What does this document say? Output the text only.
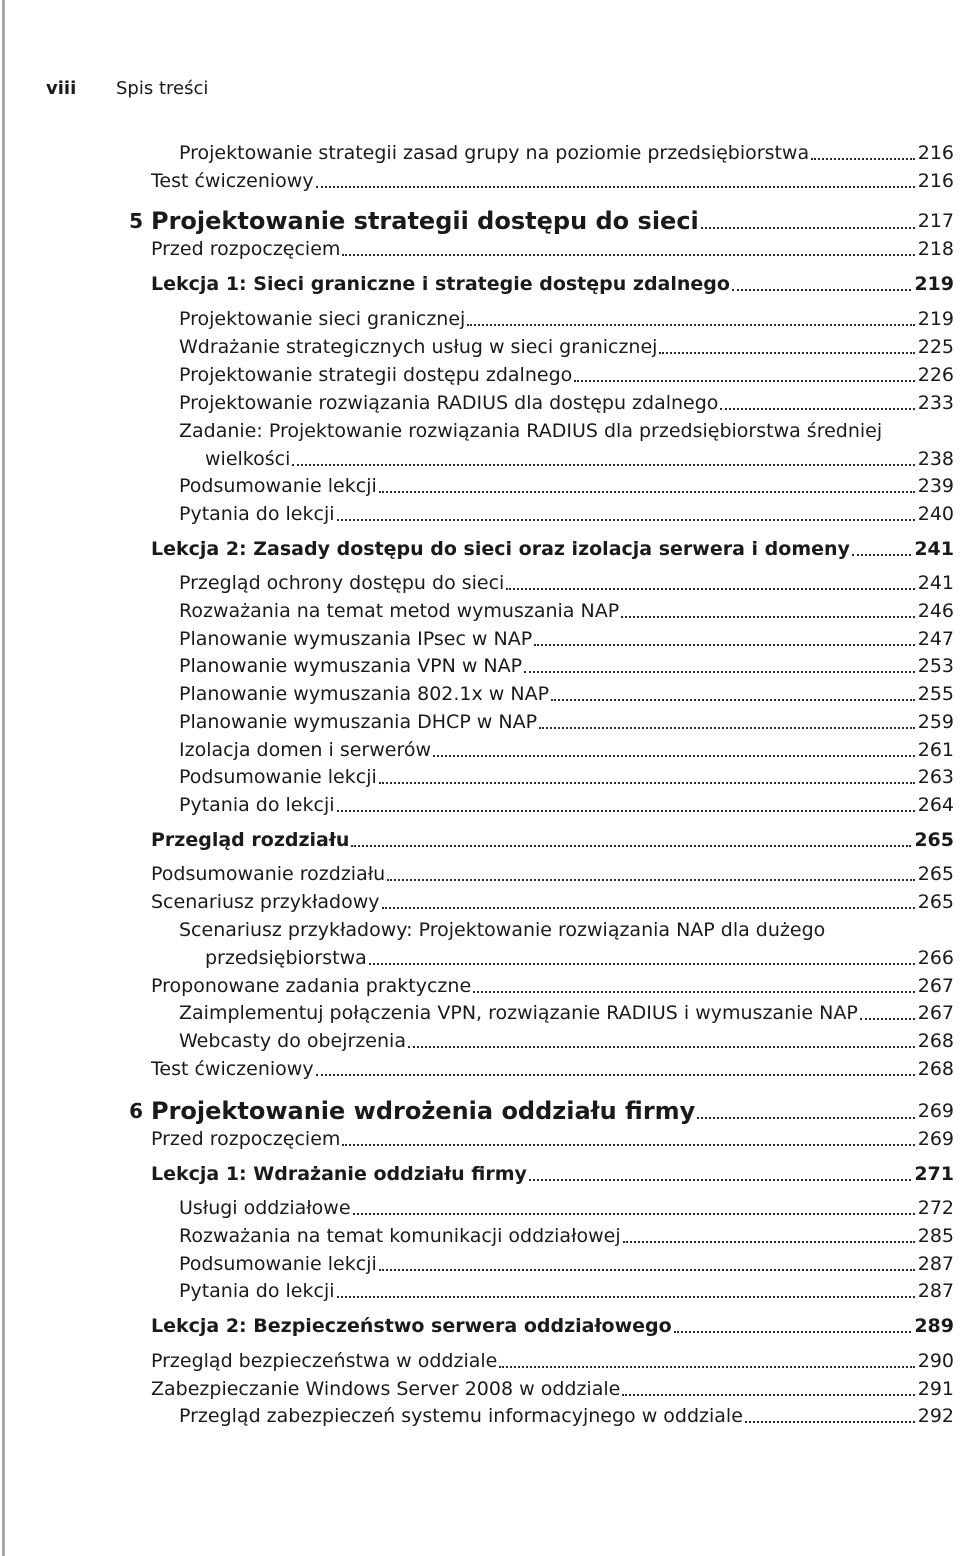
viii	Spis treści
Projektowanie strategii zasad grupy na poziomie przedsiębiorstwa	216
Test ćwiczeniowy	216
5 Projektowanie strategii dostępu do sieci	217
Przed rozpoczęciem	218
Lekcja 1: Sieci graniczne i strategie dostępu zdalnego	219
Projektowanie sieci granicznej	219
Wdrażanie strategicznych usług w sieci granicznej	225
Projektowanie strategii dostępu zdalnego	226
Projektowanie rozwiązania RADIUS dla dostępu zdalnego	233
Zadanie: Projektowanie rozwiązania RADIUS dla przedsiębiorstwa średniej
wielkości	238
Podsumowanie lekcji	239
Pytania do lekcji	240
Lekcja 2: Zasady dostępu do sieci oraz izolacja serwera i domeny	241
Przegląd ochrony dostępu do sieci	241
Rozważania na temat metod wymuszania NAP	246
Planowanie wymuszania IPsec w NAP	247
Planowanie wymuszania VPN w NAP	253
Planowanie wymuszania 802.1x w NAP	255
Planowanie wymuszania DHCP w NAP	259
Izolacja domen i serwerów	261
Podsumowanie lekcji	263
Pytania do lekcji	264
Przegląd rozdziału	265
Podsumowanie rozdziału	265
Scenariusz przykładowy	265
Scenariusz przykładowy: Projektowanie rozwiązania NAP dla dużego
przedsiębiorstwa	266
Proponowane zadania praktyczne	267
Zaimplementuj połączenia VPN, rozwiązanie RADIUS i wymuszanie NAP	267
Webcasty do obejrzenia	268
Test ćwiczeniowy	268
6 Projektowanie wdrożenia oddziału firmy	269
Przed rozpoczęciem	269
Lekcja 1: Wdrażanie oddziału firmy	271
Usługi oddziałowe	272
Rozważania na temat komunikacji oddziałowej	285
Podsumowanie lekcji	287
Pytania do lekcji	287
Lekcja 2: Bezpieczeństwo serwera oddziałowego	289
Przegląd bezpieczeństwa w oddziale	290
Zabezpieczanie Windows Server 2008 w oddziale	291
Przegląd zabezpieczeń systemu informacyjnego w oddziale	292
